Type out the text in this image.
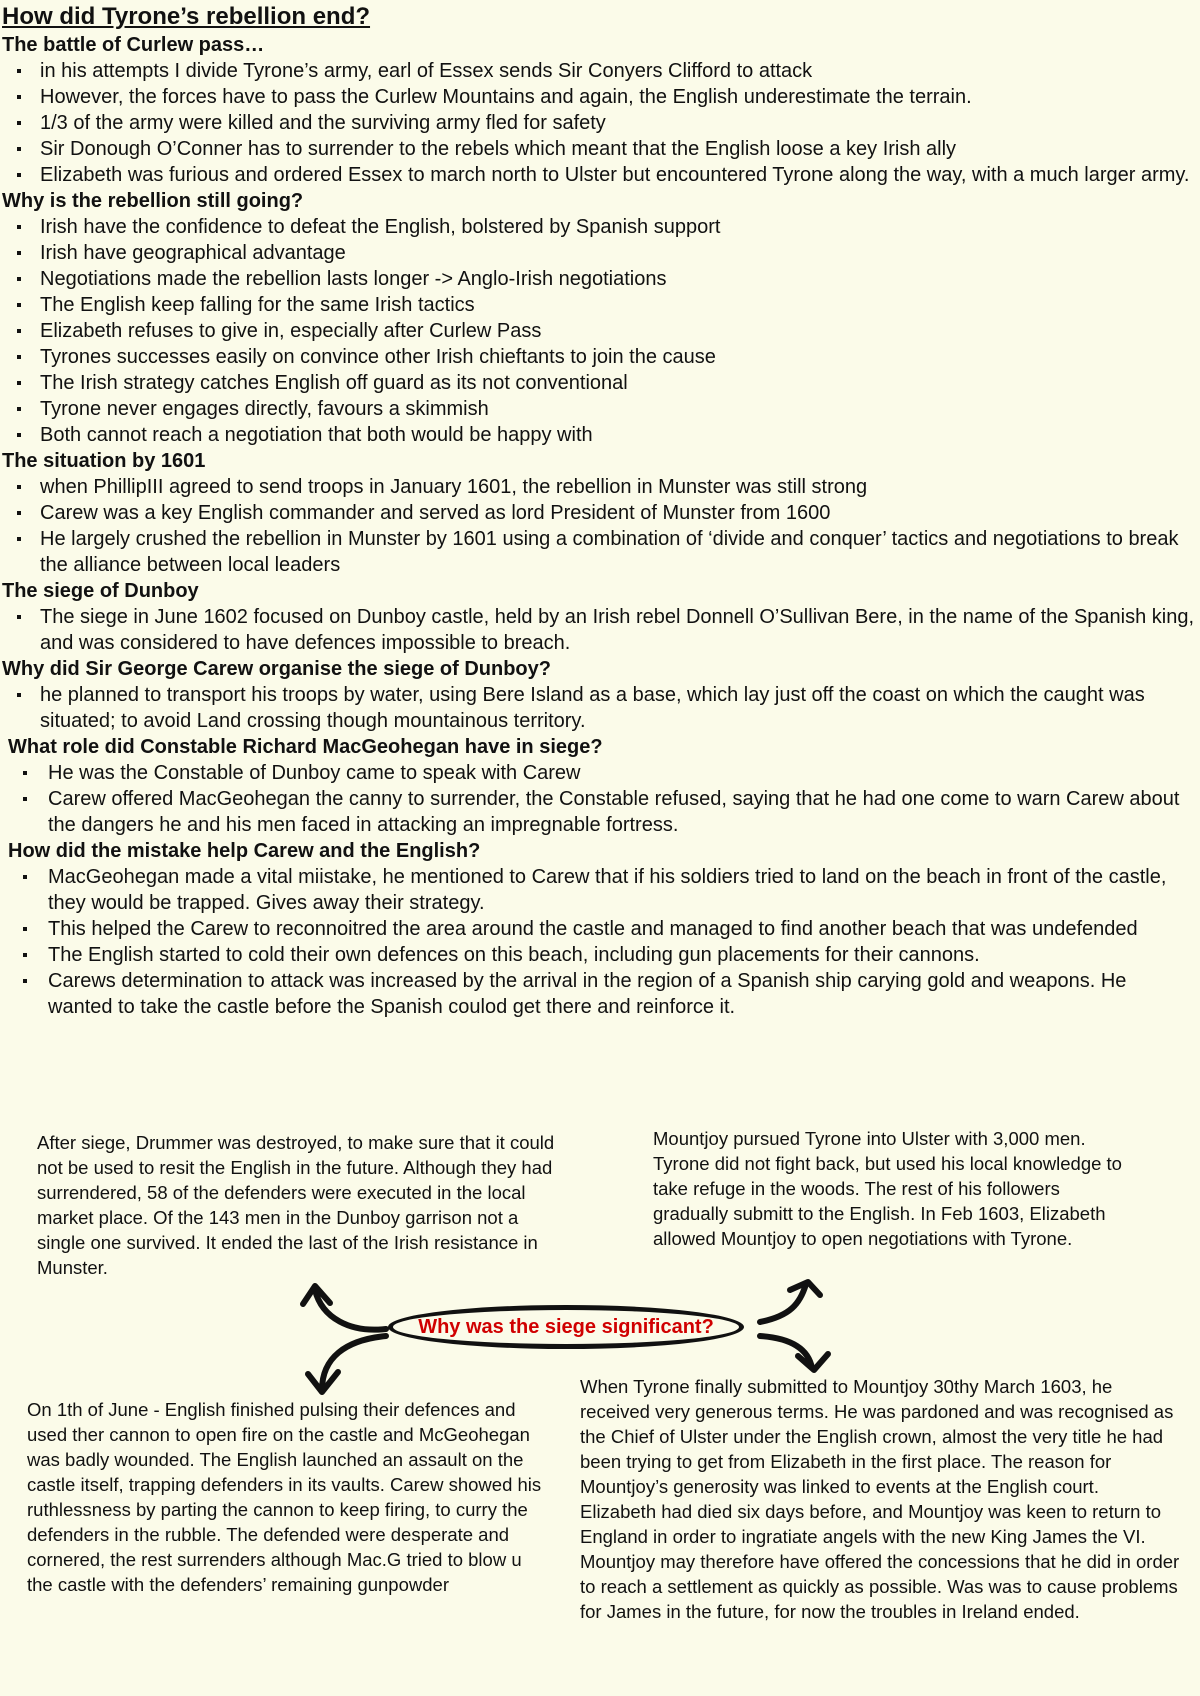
How did Tyrone’s rebellion end?
The battle of Curlew pass…
in his attempts I divide Tyrone’s army, earl of Essex sends Sir Conyers Clifford to attack
However, the forces have to pass the Curlew Mountains and again, the English underestimate the terrain.
1/3 of the army were killed and the surviving army fled for safety
Sir Donough O’Conner has to surrender to the rebels which meant that the English loose a key Irish ally
Elizabeth was furious and ordered Essex to march north to Ulster but encountered Tyrone along the way, with a much larger army.
Why is the rebellion still going?
Irish have the confidence to defeat the English, bolstered by Spanish support
Irish have geographical advantage
Negotiations made the rebellion lasts longer -> Anglo-Irish negotiations
The English keep falling for the same Irish tactics
Elizabeth refuses to give in, especially after Curlew Pass
Tyrones successes easily on convince other Irish chieftants to join the cause
The Irish strategy catches English off guard as its not conventional
Tyrone never engages directly, favours a skimmish
Both cannot reach a negotiation that both would be happy with
The situation by 1601
when PhillipIII agreed to send troops in January 1601, the rebellion in Munster was still strong
Carew was a key English commander and served as lord President of Munster from 1600
He largely crushed the rebellion in Munster by 1601 using a combination of ‘divide and conquer’ tactics and negotiations to break the alliance between local leaders
The siege of Dunboy
The siege in June 1602 focused on Dunboy castle, held by an Irish rebel Donnell O’Sullivan Bere, in the name of the Spanish king, and was considered to have defences impossible to breach.
Why did Sir George Carew organise the siege of Dunboy?
he planned to transport his troops by water, using Bere Island as a base, which lay just off the coast on which the caught was situated; to avoid Land crossing though mountainous territory.
What role did Constable Richard MacGeohegan have in siege?
He was the Constable of Dunboy came to speak with Carew
Carew offered MacGeohegan the canny to surrender, the Constable refused, saying that he had one come to warn Carew about the dangers he and his men faced in attacking an impregnable fortress.
How did the mistake help Carew and the English?
MacGeohegan made a vital miistake, he mentioned to Carew that if his soldiers tried to land on the beach in front of the castle, they would be trapped. Gives away their strategy.
This helped the Carew to reconnoitred the area around the castle and managed to find another beach that was undefended
The English started to cold their own defences on this beach, including gun placements for their cannons.
Carews determination to attack was increased by the arrival in the region of a Spanish ship carying gold and weapons. He wanted to take the castle before the Spanish coulod get there and reinforce it.

After siege, Drummer was destroyed, to make sure that it could not be used to resit the English in the future. Although they had surrendered, 58 of the defenders were executed in the local market place. Of the 143 men in the Dunboy garrison not a single one survived. It ended the last of the Irish resistance in Munster.

Mountjoy pursued Tyrone into Ulster with 3,000 men. Tyrone did not fight back, but used his local knowledge to take refuge in the woods. The rest of his followers gradually submitt to the English. In Feb 1603, Elizabeth allowed Mountjoy to open negotiations with Tyrone.

On 1th of June - English finished pulsing their defences and used ther cannon to open fire on the castle and McGeohegan was badly wounded. The English launched an assault on the castle itself, trapping defenders in its vaults. Carew showed his ruthlessness by parting the cannon to keep firing, to curry the defenders in the rubble. The defended were desperate and cornered, the rest surrenders although Mac.G tried to blow u the castle with the defenders’ remaining gunpowder

When Tyrone finally submitted to Mountjoy 30thy March 1603, he received very generous terms. He was pardoned and was recognised as the Chief of Ulster under the English crown, almost the very title he had been trying to get from Elizabeth in the first place. The reason for Mountjoy’s generosity was linked to events at the English court. Elizabeth had died six days before, and Mountjoy was keen to return to England in order to ingratiate angels with the new King James the VI. Mountjoy may therefore have offered the concessions that he did in order to reach a settlement as quickly as possible. Was was to cause problems for James in the future, for now the troubles in Ireland ended.

Why was the siege significant?
